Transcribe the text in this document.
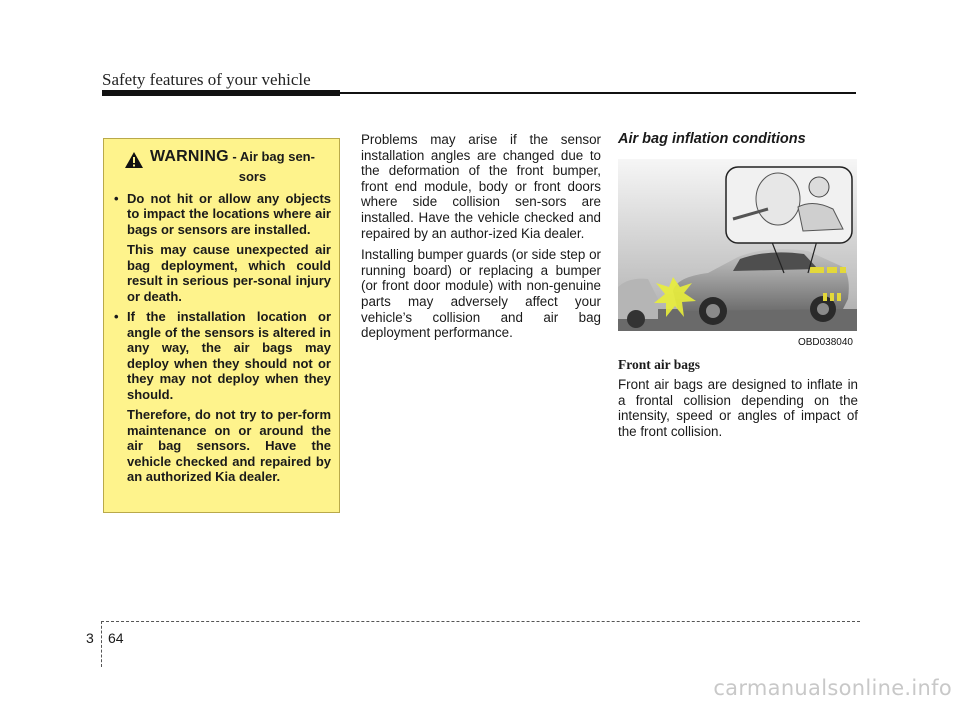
Safety features of your vehicle
WARNING - Air bag sen-
sors
• Do not hit or allow any objects to impact the locations where air bags or sensors are installed.
This may cause unexpected air bag deployment, which could result in serious per-sonal injury or death.
• If the installation location or angle of the sensors is altered in any way, the air bags may deploy when they should not or they may not deploy when they should.
Therefore, do not try to per-form maintenance on or around the air bag sensors. Have the vehicle checked and repaired by an authorized Kia dealer.

Problems may arise if the sensor installation angles are changed due to the deformation of the front bumper, front end module, body or front doors where side collision sen-sors are installed. Have the vehicle checked and repaired by an author-ized Kia dealer.

Installing bumper guards (or side step or running board) or replacing a bumper (or front door module) with non-genuine parts may adversely affect your vehicle’s collision and air bag deployment performance.

Air bag inflation conditions

OBD038040
Front air bags

Front air bags are designed to inflate in a frontal collision depending on the intensity, speed or angles of impact of the front collision.

3 64
carmanualsonline.info
